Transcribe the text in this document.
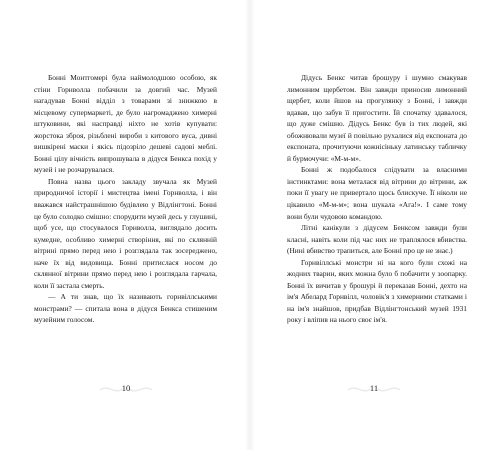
Бонні Монтгомері була наймолодшою особою, як стіни Горнволла побачили за довгий час. Музей нагадував Бонні відділ з товарами зі знижкою в місцевому супермаркеті, де було нагромаджено химерні штуковини, які насправді ніхто не хотів купувати: жорстока зброя, різьблені вироби з китового вуса, дивні вишкірені маски і якісь підозріло дешеві садові меблі. Бонні цілу вічність випрошувала в дідуся Бенкса похід у музей і не розчарувалася.

Повна назва цього закладу звучала як Музей природничої історії і мистецтва імені Горнволла, і він вважався найстрашнішою будівлею у Відлінгтоні. Бонні це було солодко смішно: спорудити музей десь у глушині, щоб усе, що стосувалося Горнволла, виглядало досить кумедне, особливо химерні створіння, які по склянній вітрині прямо перед нею і розглядала так зосереджено, наче їх від видовища. Бонні притислася носом до склянної вітрини прямо перед нею і розглядала гарчала, коли її застала смерть.

— А ти знав, що їх називають горнвіллськими монстрами? — спитала вона в дідуся Бенкса стишеним музейним голосом.

10

Дідусь Бенкс читав брошуру і шумно смакував лимонним щербетом. Він завжди приносив лимонний щербет, коли йшов на прогулянку з Бонні, і завжди вдавав, що забув її пригостити. Їй спочатку здавалося, що дуже смішно. Дідусь Бенкс був із тих людей, які обожнювали музеї й повільно рухалися від експоната до експоната, прочитуючи кожнісіньку латинську табличку й бурмочучи: «М-м-м».

Бонні ж подобалося слідувати за власними інстинктами: вона металася від вітрини до вітрини, аж поки її увагу не привертало щось блискуче. Її ніколи не цікавило «М-м-м»; вона шукала «Ага!». І саме тому вони були чудовою командою.

Літні канікули з дідусем Бенксом завжди були класні, навіть коли під час них не траплялося вбивства. (Нині вбивство трапиться, але Бонні про це не знає.)

Горнвіллські монстри ні на кого були схожі на жодних тварин, яких можна було б побачити у зоопарку. Бонні їх вичитав у брошурі й переказав Бонні, дехто на ім'я Абелард Горнвілл, чоловік'я з химерними статками і на ім'я знайшов, придбав Відлінгтонський музей 1931 року і вліпив на нього своє ім'я.

11
